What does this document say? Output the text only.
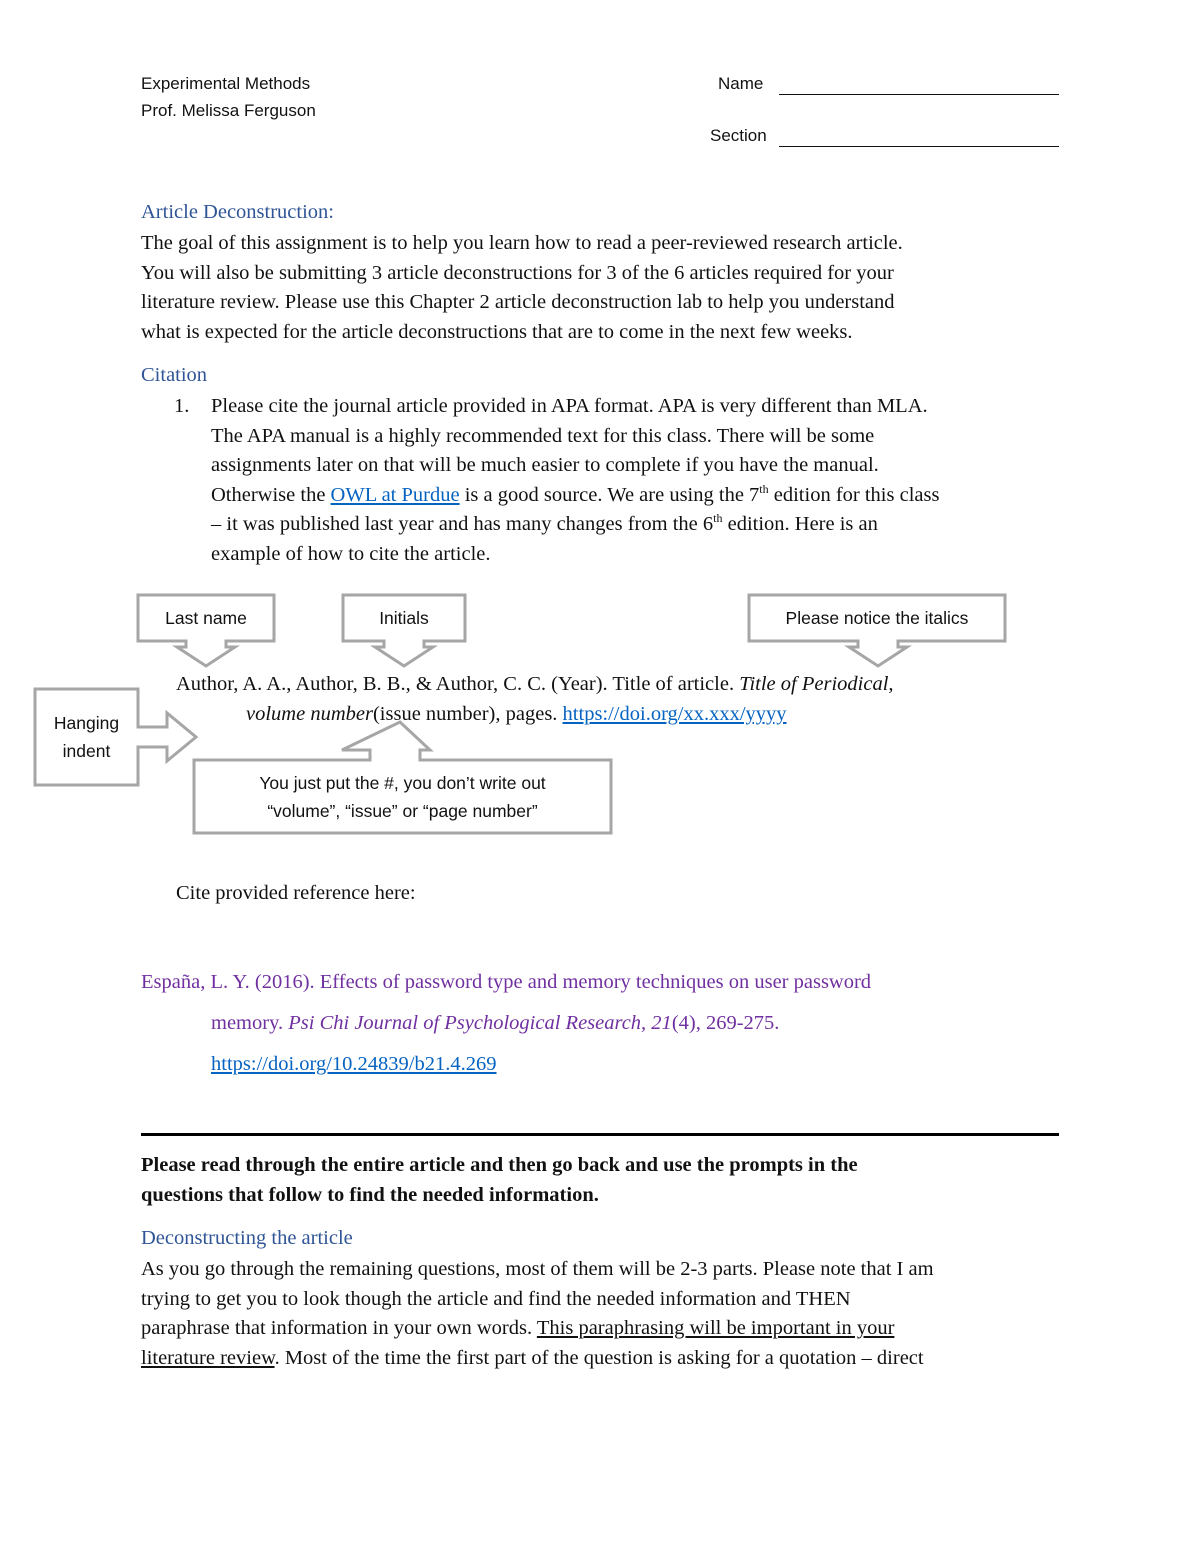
Experimental Methods
Prof. Melissa Ferguson
Name
Section
Article Deconstruction:
The goal of this assignment is to help you learn how to read a peer-reviewed research article.
You will also be submitting 3 article deconstructions for 3 of the 6 articles required for your
literature review. Please use this Chapter 2 article deconstruction lab to help you understand
what is expected for the article deconstructions that are to come in the next few weeks.
Citation
1. Please cite the journal article provided in APA format. APA is very different than MLA.
The APA manual is a highly recommended text for this class. There will be some
assignments later on that will be much easier to complete if you have the manual.
Otherwise the OWL at Purdue is a good source. We are using the 7th edition for this class
– it was published last year and has many changes from the 6th edition. Here is an
example of how to cite the article.
Last name	Initials	Please notice the italics
Hanging
indent
You just put the #, you don’t write out
“volume”, “issue” or “page number”
Author, A. A., Author, B. B., & Author, C. C. (Year). Title of article. Title of Periodical,
volume number(issue number), pages. https://doi.org/xx.xxx/yyyy
Cite provided reference here:
España, L. Y. (2016). Effects of password type and memory techniques on user password
memory. Psi Chi Journal of Psychological Research, 21(4), 269-275.
https://doi.org/10.24839/b21.4.269
Please read through the entire article and then go back and use the prompts in the
questions that follow to find the needed information.
Deconstructing the article
As you go through the remaining questions, most of them will be 2-3 parts. Please note that I am
trying to get you to look though the article and find the needed information and THEN
paraphrase that information in your own words. This paraphrasing will be important in your
literature review. Most of the time the first part of the question is asking for a quotation – direct
